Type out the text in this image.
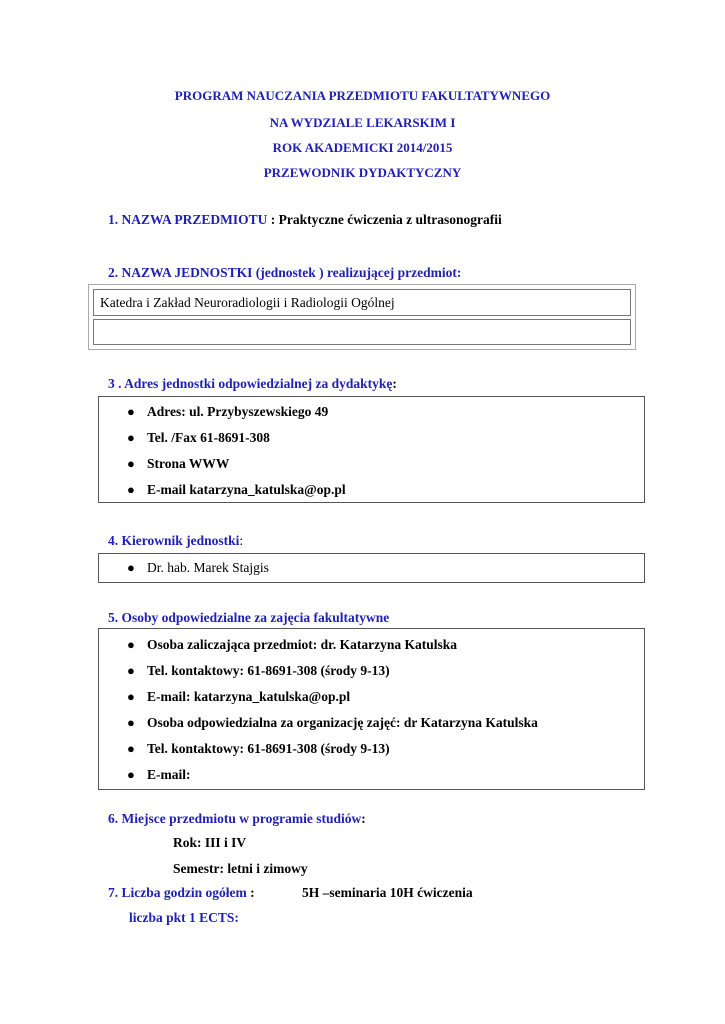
PROGRAM NAUCZANIA PRZEDMIOTU FAKULTATYWNEGO
NA WYDZIALE LEKARSKIM I
ROK AKADEMICKI 2014/2015
PRZEWODNIK DYDAKTYCZNY
1. NAZWA PRZEDMIOTU : Praktyczne ćwiczenia z ultrasonografii
2. NAZWA JEDNOSTKI (jednostek ) realizującej przedmiot:
Katedra i Zakład Neuroradiologii i Radiologii Ogólnej
3 . Adres jednostki odpowiedzialnej za dydaktykę:
● Adres: ul. Przybyszewskiego 49
● Tel. /Fax 61-8691-308
● Strona WWW
● E-mail katarzyna_katulska@op.pl
4. Kierownik jednostki:
● Dr. hab. Marek Stajgis
5. Osoby odpowiedzialne za zajęcia fakultatywne
● Osoba zaliczająca przedmiot: dr. Katarzyna Katulska
● Tel. kontaktowy: 61-8691-308 (środy 9-13)
● E-mail: katarzyna_katulska@op.pl
● Osoba odpowiedzialna za organizację zajęć: dr Katarzyna Katulska
● Tel. kontaktowy: 61-8691-308 (środy 9-13)
● E-mail:
6. Miejsce przedmiotu w programie studiów:
Rok: III i IV
Semestr: letni i zimowy
7. Liczba godzin ogółem :	5H –seminaria 10H ćwiczenia
liczba pkt 1 ECTS:
